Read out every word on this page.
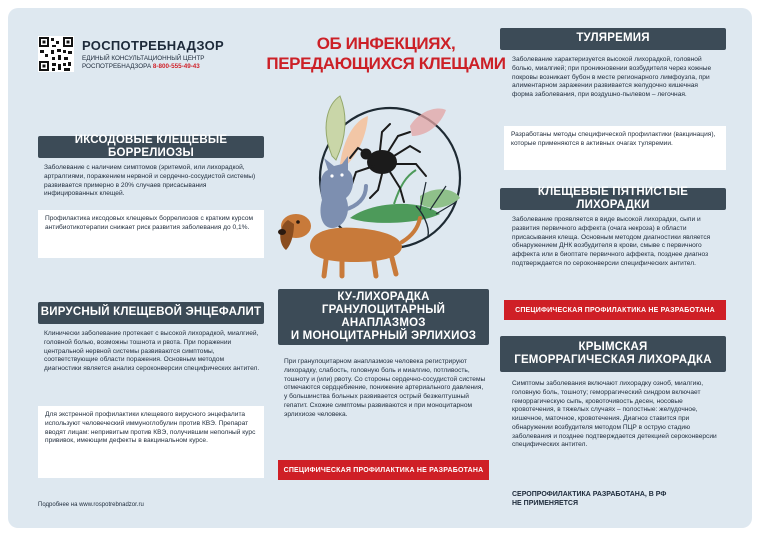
РОСПОТРЕБНАДЗОР
ЕДИНЫЙ КОНСУЛЬТАЦИОННЫЙ ЦЕНТР
РОСПОТРЕБНАДЗОРА 8-800-555-49-43
ОБ ИНФЕКЦИЯХ,
ПЕРЕДАЮЩИХСЯ КЛЕЩАМИ
ИКСОДОВЫЕ КЛЕЩЕВЫЕ БОРРЕЛИОЗЫ
Заболевание с наличием симптомов (эритемой, или лихорадкой, артралгиями, поражением нервной и сердечно-сосудистой системы) развивается примерно в 20% случаев присасывания инфицированных клещей.
Профилактика иксодовых клещевых боррелиозов с кратким курсом антибиотикотерапии снижает риск развития заболевания до 0,1%.
ВИРУСНЫЙ КЛЕЩЕВОЙ ЭНЦЕФАЛИТ
Клинически заболевание протекает с высокой лихорадкой, миалгией, головной болью, возможны тошнота и рвота. При поражении центральной нервной системы развиваются симптомы, соответствующие области поражения. Основным методом диагностики является анализ сероконверсии специфических антител.
Для экстренной профилактики клещевого вирусного энцефалита используют человеческий иммуноглобулин против КВЭ. Препарат вводят лицам: непривитым против КВЭ, получившим неполный курс прививок, имеющим дефекты в вакцинальном курсе.
Подробнее на www.rospotrebnadzor.ru
КУ-ЛИХОРАДКА
ГРАНУЛОЦИТАРНЫЙ АНАПЛАЗМОЗ
И МОНОЦИТАРНЫЙ ЭРЛИХИОЗ
При гранулоцитарном анаплазмозе человека регистрируют лихорадку, слабость, головную боль и миалгию, потливость, тошноту и (или) рвоту. Со стороны сердечно-сосудистой системы отмечаются сердцебиение, понижение артериального давления, у большинства больных развивается острый безжелтушный гепатит. Схожие симптомы развиваются и при моноцитарном эрлихиозе человека.
СПЕЦИФИЧЕСКАЯ ПРОФИЛАКТИКА НЕ РАЗРАБОТАНА
ТУЛЯРЕМИЯ
Заболевание характеризуется высокой лихорадкой, головной болью, миалгией; при проникновении возбудителя через кожные покровы возникает бубон в месте регионарного лимфоузла, при алиментарном заражении развивается желудочно кишечная форма заболевания, при воздушно-пылевом – легочная.
Разработаны методы специфической профилактики (вакцинация), которые применяются в активных очагах туляремии.
КЛЕЩЕВЫЕ ПЯТНИСТЫЕ ЛИХОРАДКИ
Заболевание проявляется в виде высокой лихорадки, сыпи и развития первичного аффекта (очага некроза) в области присасывания клеща. Основным методом диагностики является обнаружением ДНК возбудителя в крови, смыве с первичного аффекта или в биоптате первичного аффекта, позднее диагноз подтверждается по сероконверсии специфических антител.
СПЕЦИФИЧЕСКАЯ ПРОФИЛАКТИКА НЕ РАЗРАБОТАНА
КРЫМСКАЯ
ГЕМОРРАГИЧЕСКАЯ ЛИХОРАДКА
Симптомы заболевания включают лихорадку озноб, миалгию, головную боль, тошноту; геморрагический синдром включает геморрагическую сыпь, кровоточивость десен, носовые кровотечения, в тяжелых случаях – полостные: желудочное, кишечное, маточное, кровотечения. Диагноз ставится при обнаружении возбудителя методом ПЦР в острую стадию заболевания и позднее подтверждается детекцией сероконверсии специфических антител.
СЕРОПРОФИЛАКТИКА РАЗРАБОТАНА, В РФ
НЕ ПРИМЕНЯЕТСЯ
